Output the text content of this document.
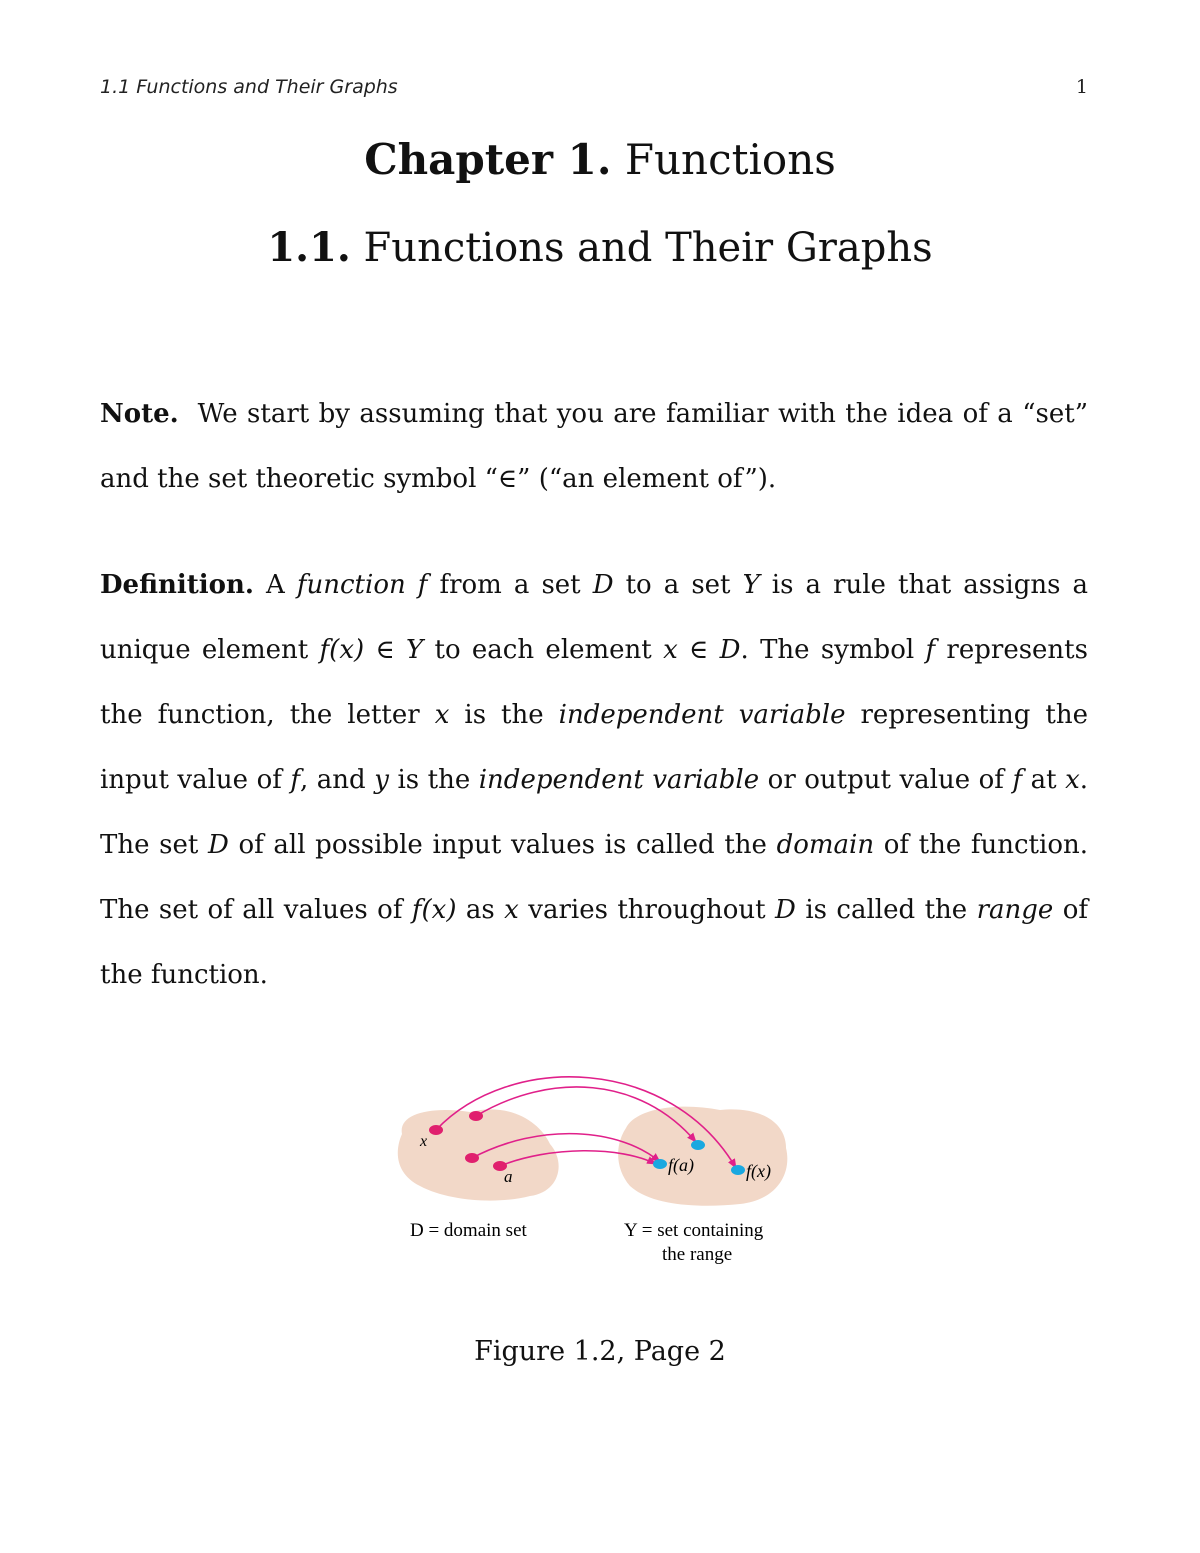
1.1 Functions and Their Graphs	1
Chapter 1. Functions
1.1. Functions and Their Graphs
Note. We start by assuming that you are familiar with the idea of a “set” and the set theoretic symbol “∈” (“an element of”).
Definition. A function f from a set D to a set Y is a rule that assigns a unique element f(x) ∈ Y to each element x ∈ D. The symbol f represents the function, the letter x is the independent variable representing the input value of f, and y is the independent variable or output value of f at x. The set D of all possible input values is called the domain of the function. The set of all values of f(x) as x varies throughout D is called the range of the function.
x
a
f(a)	f(x)
D = domain set	Y = set containing
the range
Figure 1.2, Page 2
